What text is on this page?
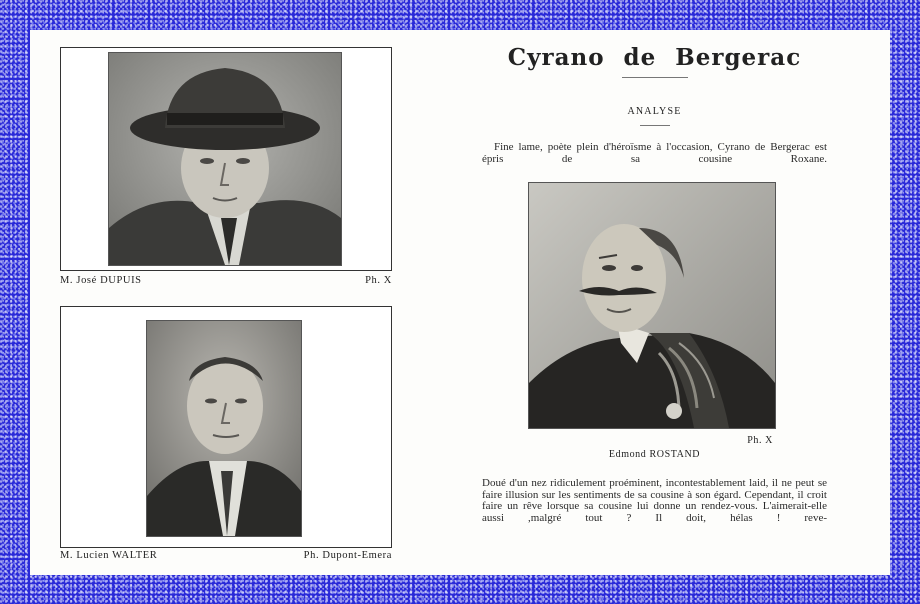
M. José DUPUIS	Ph. X
M. Lucien WALTER	Ph. Dupont-Emera
Cyrano de Bergerac
ANALYSE
Fine lame, poète plein d'héroïsme à l'occasion, Cyrano de Bergerac est épris de sa cousine Roxane.
Ph. X
Edmond ROSTAND
Doué d'un nez ridiculement proéminent, incontestablement laid, il ne peut se faire illusion sur les sentiments de sa cousine à son égard. Cependant, il croit faire un rêve lorsque sa cousine lui donne un rendez-vous. L'aimerait-elle aussi ,malgré tout ? Il doit, hélas ! reve-
